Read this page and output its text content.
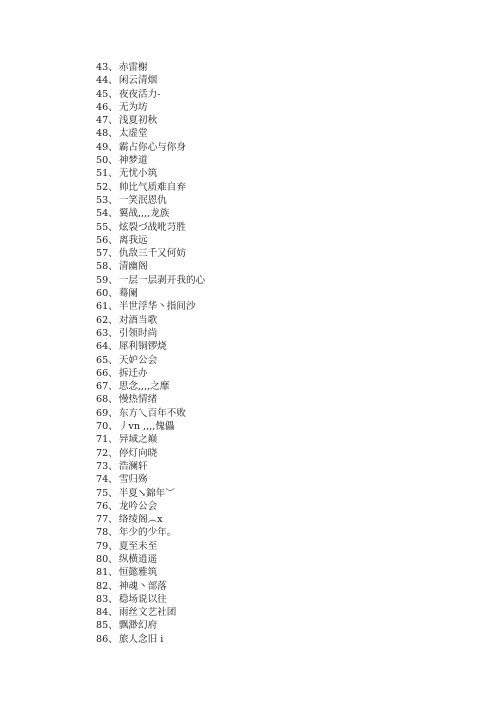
43、赤雷榭
44、闲云清烟
45、夜夜活力-
46、无为坊
47、浅夏初秋
48、太虚堂
49、霸占你心与你身
50、神梦道
51、无忧小筑
52、帅比气质难自弃
53、一笑泯恩仇
54、翼战,,,,龙族
55、炫裂づ战吪䒒胜
56、离我远
57、仇敌三千又何妨
58、清幽阁
59、一层一层剥开我的心
60、蓦阑
61、半世浮华丶指间沙
62、对酒当歌
63、引领时尚
64、犀利铜锣烧
65、天妒公会
66、拆迁办
67、思念,,,,之靡
68、慢热情绪
69、东方乀百年不败
70、丿vn ,,,,傀儡
71、异域之巅
72、停灯向晓
73、浩澜轩
74、雪归殇
75、半夏↘錦年︶
76、龙吟公会
77、络绫阁︵x
78、年少的少年。
79、夏至未至
80、纵横逍遥
81、恒懿雅筑
82、神魂丶部落
83、稳场说以往
84、雨丝文艺社团
85、飘渺幻府
86、旅人念旧 i
